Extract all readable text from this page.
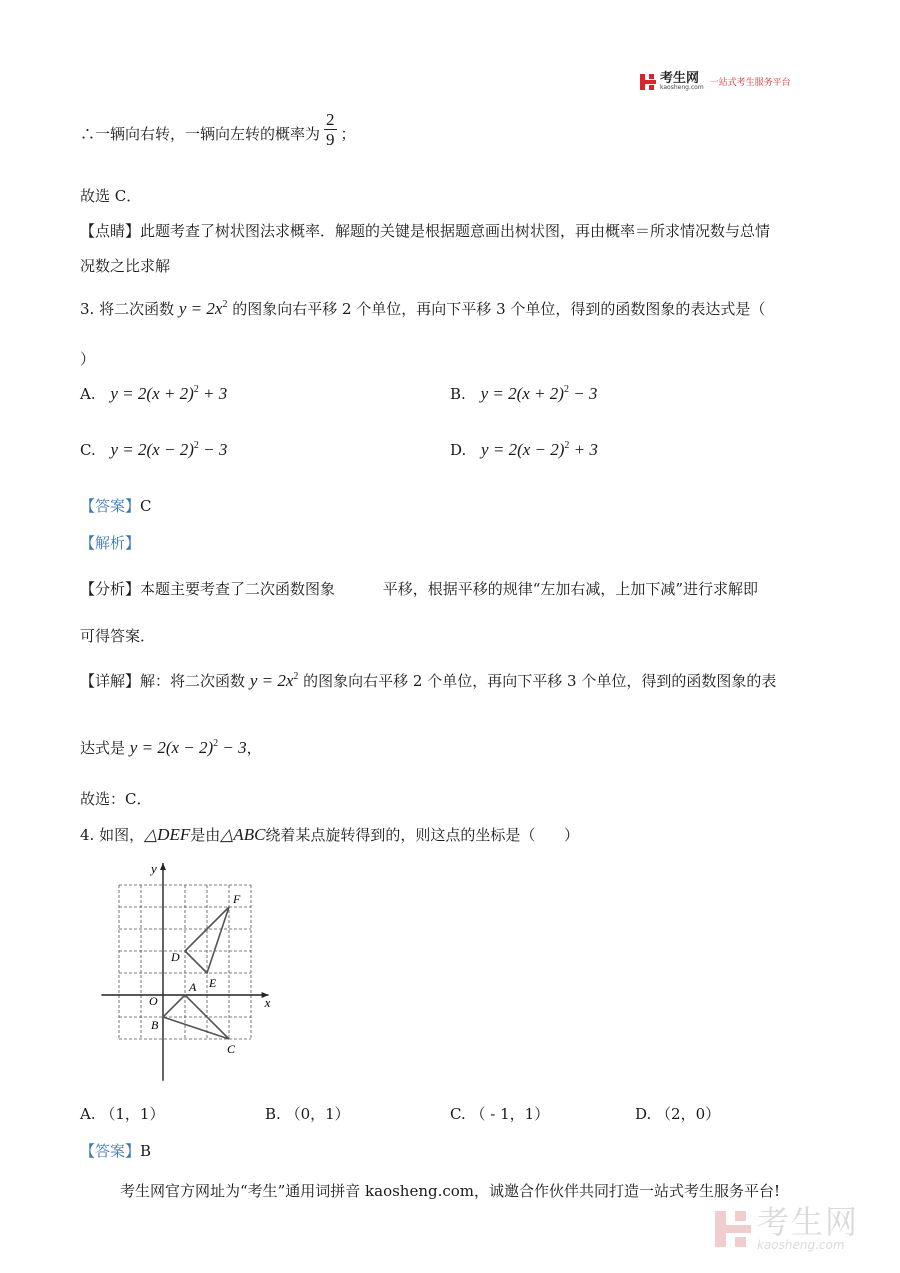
考生网
kaosheng.com 一站式考生服务平台
∴一辆向右转，一辆向左转的概率为 $\frac{2}{9}$ ；
故选 C．
【点睛】此题考查了树状图法求概率．解题的关键是根据题意画出树状图，再由概率＝所求情况数与总情
况数之比求解
3. 将二次函数 $y = 2x^2$ 的图象向右平移 2 个单位，再向下平移 3 个单位，得到的函数图象的表达式是（
）
A. $y = 2(x + 2)^2 + 3$	B. $y = 2(x + 2)^2 - 3$
C. $y = 2(x - 2)^2 - 3$	D. $y = 2(x - 2)^2 + 3$
【答案】C
【解析】
【分析】本题主要考查了二次函数图象          平移，根据平移的规律“左加右减，上加下减”进行求解即
可得答案．
【详解】解：将二次函数 $y = 2x^2$ 的图象向右平移 2 个单位，再向下平移 3 个单位，得到的函数图象的表
达式是 $y = 2(x - 2)^2 - 3$，
故选：C．
4. 如图，△DEF是由△ABC绕着某点旋转得到的，则这点的坐标是（      ）
x
y
O
A
B
C
D
E
F
A. （1，1）	B. （0，1）	C. （ - 1，1）	D. （2，0）
【答案】B
考生网官方网址为“考生”通用词拼音 kaosheng.com，诚邀合作伙伴共同打造一站式考生服务平台!
考生网
kaosheng.com
